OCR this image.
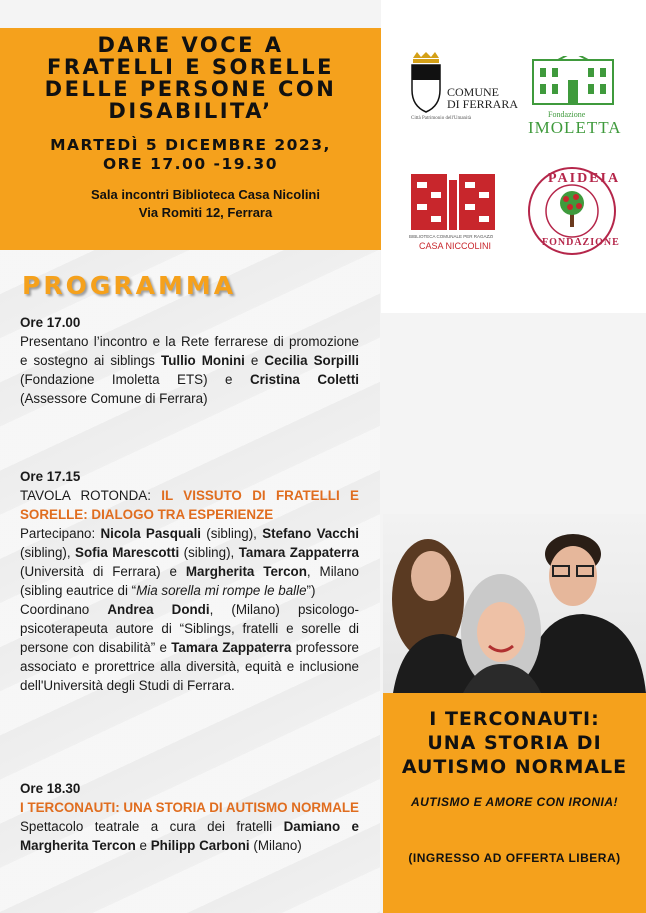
DARE VOCE A
FRATELLI E SORELLE
DELLE PERSONE CON
DISABILITA’
MARTEDÌ 5 DICEMBRE 2023,
ORE 17.00 -19.30
Sala incontri Biblioteca Casa Nicolini
Via Romiti 12, Ferrara
COMUNE
DI FERRARA
Città Patrimonio dell'Umanità	Fondazione
IMOLETTA
BIBLIOTECA COMUNALE PER RAGAZZI
CASA NICCOLINI
PAIDEIA
FONDAZIONE
PROGRAMMA
Ore 17.00

Presentano l’incontro e la Rete ferrarese di promozione e sostegno ai siblings Tullio Monini e Cecilia Sorpilli (Fondazione Imoletta ETS) e Cristina Coletti (Assessore Comune di Ferrara)

Ore 17.15

TAVOLA ROTONDA: IL VISSUTO DI FRATELLI E SORELLE: DIALOGO TRA ESPERIENZE

Partecipano: Nicola Pasquali (sibling), Stefano Vacchi (sibling), Sofia Marescotti (sibling), Tamara Zappaterra (Università di Ferrara) e Margherita Tercon, Milano (sibling eautrice di “Mia sorella mi rompe le balle”)

Coordinano Andrea Dondi, (Milano) psicologo-psicoterapeuta autore di “Siblings, fratelli e sorelle di persone con disabilità” e Tamara Zappaterra professore associato e prorettrice alla diversità, equità e inclusione dell'Università degli Studi di Ferrara.

Ore 18.30

I TERCONAUTI: UNA STORIA DI AUTISMO NORMALE

Spettacolo teatrale a cura dei fratelli Damiano e Margherita Tercon e Philipp Carboni (Milano)

I TERCONAUTI:
UNA STORIA DI
AUTISMO NORMALE
AUTISMO E AMORE CON IRONIA!
(INGRESSO AD OFFERTA LIBERA)
